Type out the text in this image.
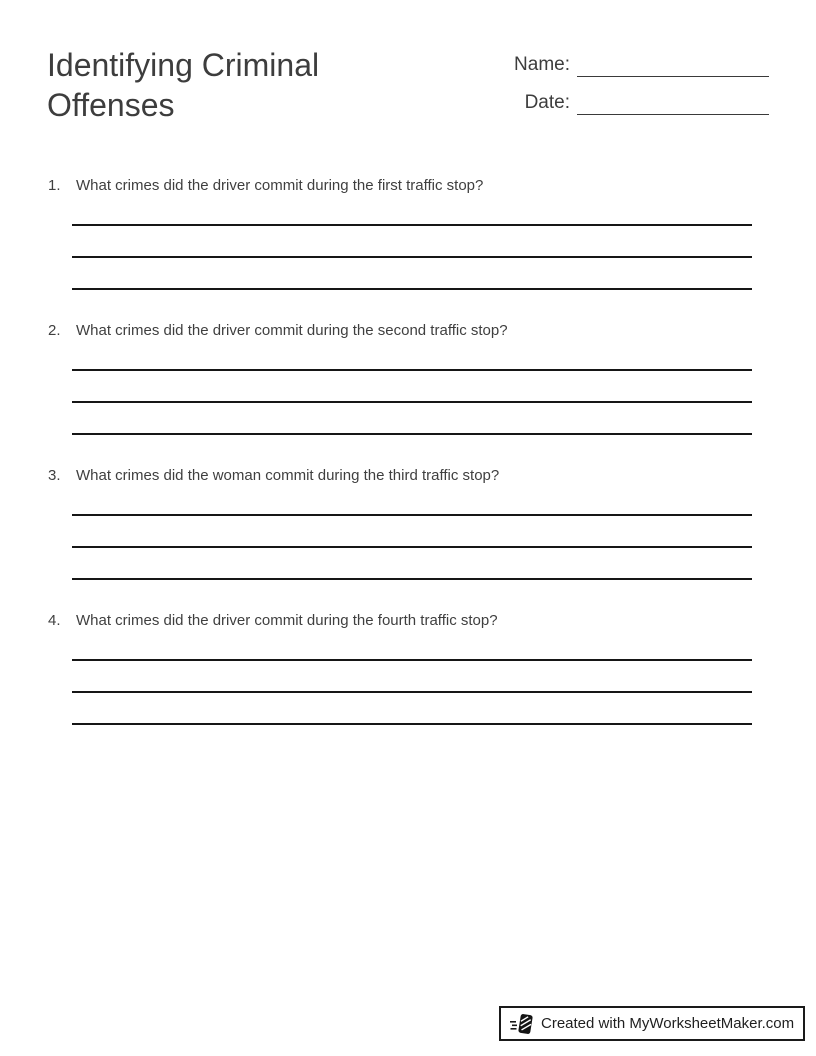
Identifying Criminal Offenses
Name:
Date:
1.	What crimes did the driver commit during the first traffic stop?
2.	What crimes did the driver commit during the second traffic stop?
3.	What crimes did the woman commit during the third traffic stop?
4.	What crimes did the driver commit during the fourth traffic stop?
Created with MyWorksheetMaker.com
